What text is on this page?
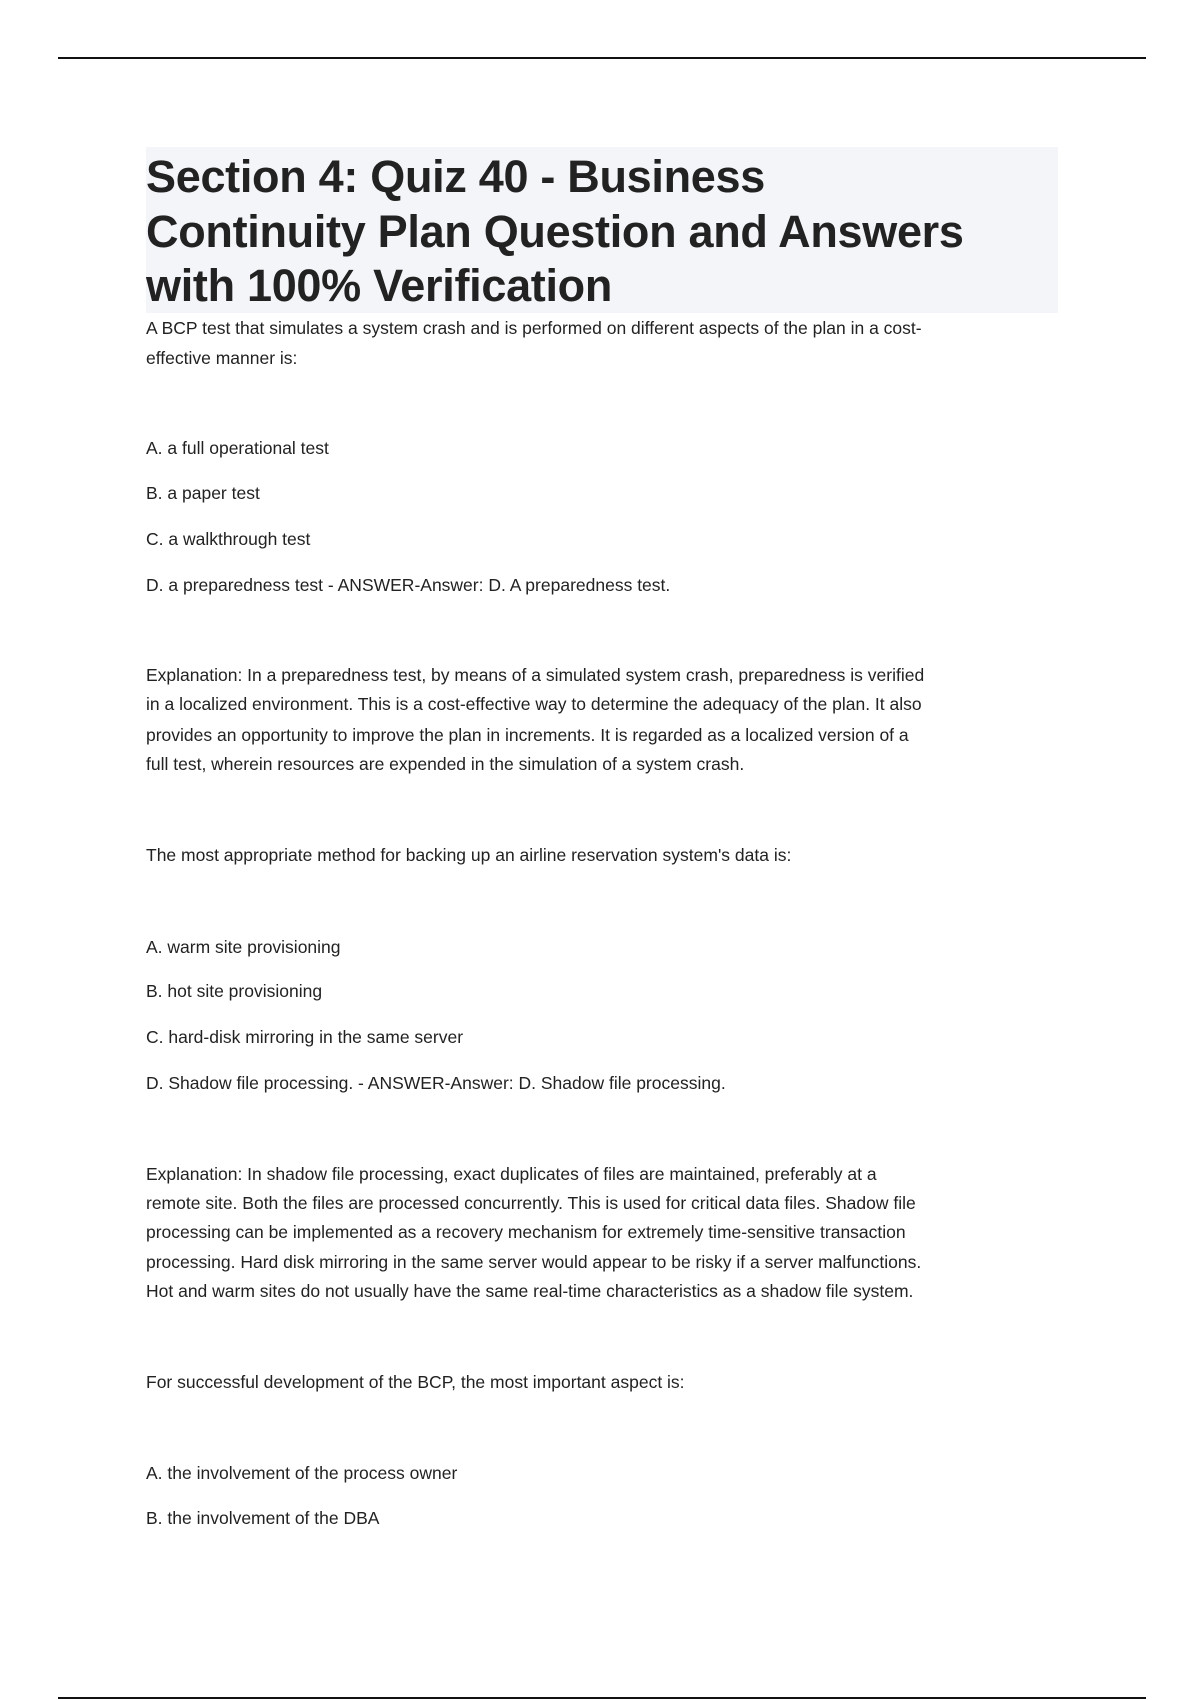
Section 4: Quiz 40 - Business
Continuity Plan Question and Answers
with 100% Verification
A BCP test that simulates a system crash and is performed on different aspects of the plan in a cost-
effective manner is:
A. a full operational test
B. a paper test
C. a walkthrough test
D. a preparedness test - ANSWER-Answer: D. A preparedness test.
Explanation: In a preparedness test, by means of a simulated system crash, preparedness is verified
in a localized environment. This is a cost-effective way to determine the adequacy of the plan. It also
provides an opportunity to improve the plan in increments. It is regarded as a localized version of a
full test, wherein resources are expended in the simulation of a system crash.
The most appropriate method for backing up an airline reservation system's data is:
A. warm site provisioning
B. hot site provisioning
C. hard-disk mirroring in the same server
D. Shadow file processing. - ANSWER-Answer: D. Shadow file processing.
Explanation: In shadow file processing, exact duplicates of files are maintained, preferably at a
remote site. Both the files are processed concurrently. This is used for critical data files. Shadow file
processing can be implemented as a recovery mechanism for extremely time-sensitive transaction
processing. Hard disk mirroring in the same server would appear to be risky if a server malfunctions.
Hot and warm sites do not usually have the same real-time characteristics as a shadow file system.
For successful development of the BCP, the most important aspect is:
A. the involvement of the process owner
B. the involvement of the DBA
